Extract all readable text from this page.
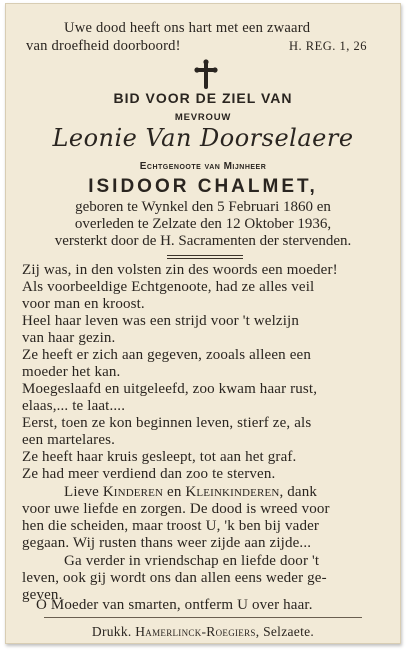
Uwe dood heeft ons hart met een zwaard
van droefheid doorboord!	H. REG. 1, 26
BID VOOR DE ZIEL VAN
MEVROUW
Leonie Van Doorselaere
Echtgenoote van Mijnheer
ISIDOOR CHALMET,
geboren te Wynkel den 5 Februari 1860 en
overleden te Zelzate den 12 Oktober 1936,
versterkt door de H. Sacramenten der stervenden.
Zij was, in den volsten zin des woords een moeder!
Als voorbeeldige Echtgenoote, had ze alles veil
voor man en kroost.
Heel haar leven was een strijd voor 't welzijn
van haar gezin.
Ze heeft er zich aan gegeven, zooals alleen een
moeder het kan.
Moegeslaafd en uitgeleefd, zoo kwam haar rust,
elaas,... te laat....
Eerst, toen ze kon beginnen leven, stierf ze, als
een martelares.
Ze heeft haar kruis gesleept, tot aan het graf.
Ze had meer verdiend dan zoo te sterven.
Lieve Kinderen en Kleinkinderen, dank
voor uwe liefde en zorgen. De dood is wreed voor
hen die scheiden, maar troost U, 'k ben bij vader
gegaan. Wij rusten thans weer zijde aan zijde...
Ga verder in vriendschap en liefde door 't
leven, ook gij wordt ons dan allen eens weder ge-
geven.
O Moeder van smarten, ontferm U over haar.
Drukk. Hamerlinck-Roegiers, Selzaete.
